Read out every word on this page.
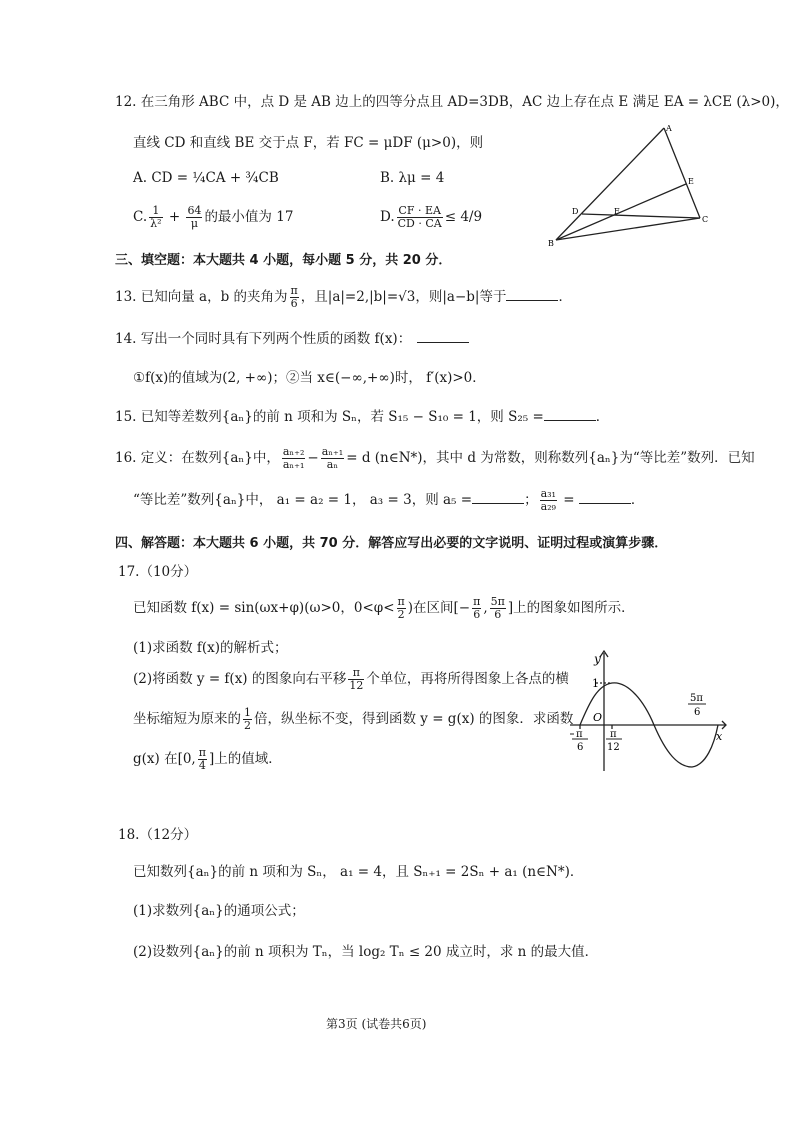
12. 在三角形 ABC 中，点 D 是 AB 边上的四等分点且 AD=3DB，AC 边上存在点 E 满足 EA = λCE (λ>0)，
直线 CD 和直线 BE 交于点 F，若 FC = μDF (μ>0)，则
A. CD = ¼CA + ¾CB	B. λμ = 4
C. $\frac{1}{\text{λ²}} + \frac{64}{\mu}$ 的最小值为 17	D. $\frac{CF \cdot EA}{CD \cdot CA} \le 4/9$
A
E
D	F
B
C
三、填空题：本大题共 4 小题，每小题 5 分，共 20 分．
13. 已知向量 a，b 的夹角为 $\frac{\pi}{6}$ ，且|a|=2,|b|=√3，则|a−b|等于	．
14. 写出一个同时具有下列两个性质的函数 f(x)：
①f(x)的值域为(2, +∞)；②当 x∈(−∞,+∞)时， f′(x)>0．
15. 已知等差数列{aₙ}的前 n 项和为 Sₙ，若 S₁₅ − S₁₀ = 1，则 S₂₅ =	．
16. 定义：在数列{aₙ}中， $\frac{\text{aₙ₊₂}}{\text{aₙ₊₁}} - \frac{\text{aₙ₊₁}}{\text{aₙ}} = d$ (n∈N*)，其中 d 为常数，则称数列{aₙ}为“等比差”数列．已知
“等比差”数列{aₙ}中， a₁ = a₂ = 1， a₃ = 3，则 a₅ =	； $\frac{\text{a₃₁}}{\text{a₂₉}}$ =	．
四、解答题：本大题共 6 小题，共 70 分．解答应写出必要的文字说明、证明过程或演算步骤．
17.（10分）
已知函数 f(x) = sin(ωx+φ)(ω>0，$0<\varphi< \frac{\pi}{2}$ )在区间[− $\frac{\pi}{6}$ , $\frac{5\pi}{6}$ ]上的图象如图所示．
(1)求函数 f(x)的解析式；
(2)将函数 y = f(x) 的图象向右平移 $\frac{\pi}{12}$ 个单位，再将所得图象上各点的横
坐标缩短为原来的 $\frac{1}{2}$ 倍，纵坐标不变，得到函数 y = g(x) 的图象．求函数
g(x) 在[0, $\frac{\pi}{4}$ ]上的值域．
y
1
O
x
π
6
π
12
5π
6
18.（12分）
已知数列{aₙ}的前 n 项和为 Sₙ， a₁ = 4，且 Sₙ₊₁ = 2Sₙ + a₁ (n∈N*)．
(1)求数列{aₙ}的通项公式；
(2)设数列{aₙ}的前 n 项积为 Tₙ，当 log₂ Tₙ ≤ 20 成立时，求 n 的最大值．
第3页 (试卷共6页)
